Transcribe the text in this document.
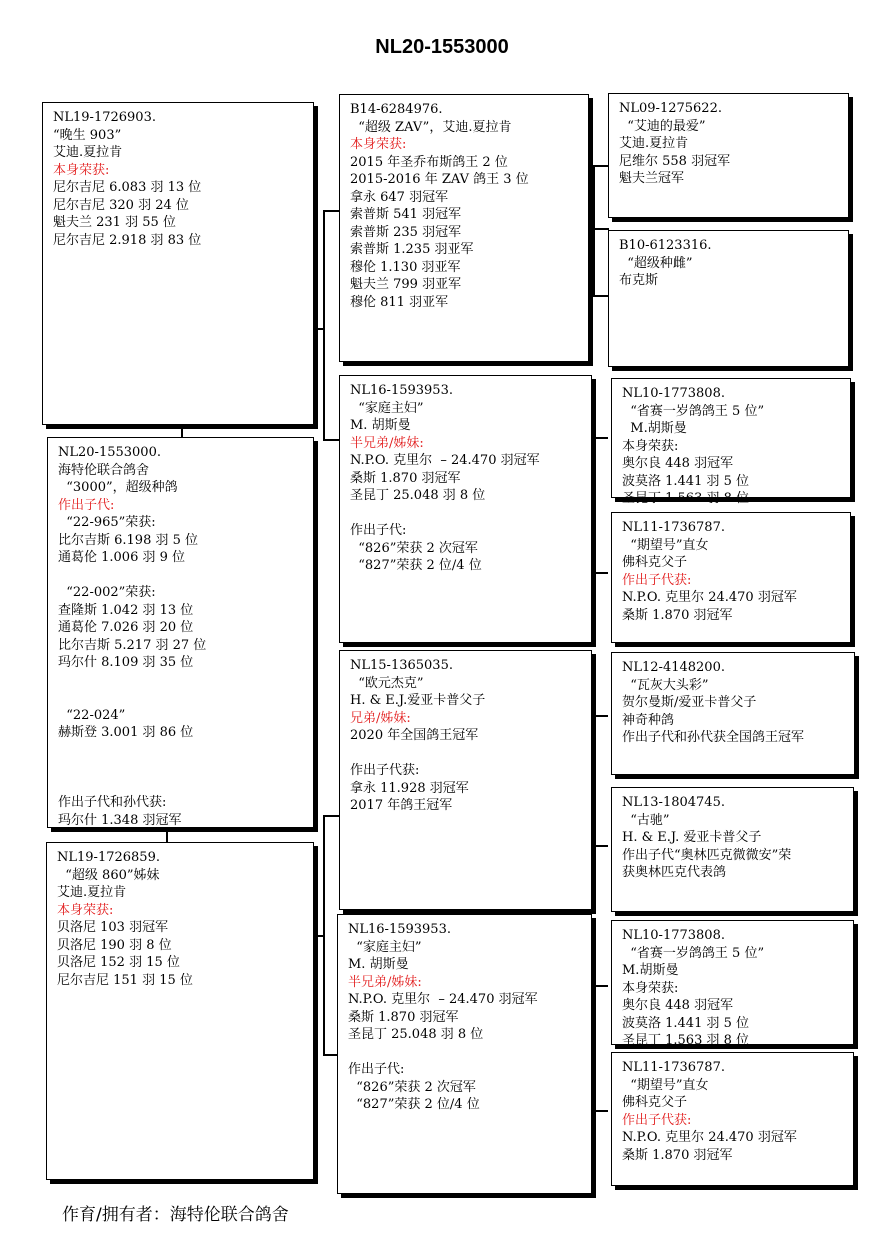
NL20-1553000
NL19-1726903.
“晚生 903”
艾迪.夏拉肯
本身荣获:
尼尔吉尼 6.083 羽 13 位
尼尔吉尼 320 羽 24 位
魁夫兰 231 羽 55 位
尼尔吉尼 2.918 羽 83 位
NL20-1553000.
海特伦联合鸽舍
“3000”，超级种鸽
作出子代:
“22-965”荣获:
比尔吉斯 6.198 羽 5 位
通葛伦 1.006 羽 9 位
“22-002”荣获:
查隆斯 1.042 羽 13 位
通葛伦 7.026 羽 20 位
比尔吉斯 5.217 羽 27 位
玛尔什 8.109 羽 35 位
“22-024”
赫斯登 3.001 羽 86 位
作出子代和孙代获:
玛尔什 1.348 羽冠军
NL19-1726859.
“超级 860”姊妹
艾迪.夏拉肯
本身荣获:
贝洛尼 103 羽冠军
贝洛尼 190 羽 8 位
贝洛尼 152 羽 15 位
尼尔吉尼 151 羽 15 位
B14-6284976.
“超级 ZAV”，艾迪.夏拉肯
本身荣获:
2015 年圣乔布斯鸽王 2 位
2015-2016 年 ZAV 鸽王 3 位
拿永 647 羽冠军
索普斯 541 羽冠军
索普斯 235 羽冠军
索普斯 1.235 羽亚军
穆伦 1.130 羽亚军
魁夫兰 799 羽亚军
穆伦 811 羽亚军
NL16-1593953.
“家庭主妇”
M. 胡斯曼
半兄弟/姊妹:
N.P.O. 克里尔  – 24.470 羽冠军
桑斯 1.870 羽冠军
圣昆丁 25.048 羽 8 位
作出子代:
“826”荣获 2 次冠军
“827”荣获 2 位/4 位
NL15-1365035.
“欧元杰克”
H. & E.J.爱亚卡普父子
兄弟/姊妹:
2020 年全国鸽王冠军
作出子代获:
拿永 11.928 羽冠军
2017 年鸽王冠军
NL16-1593953.
“家庭主妇”
M. 胡斯曼
半兄弟/姊妹:
N.P.O. 克里尔  – 24.470 羽冠军
桑斯 1.870 羽冠军
圣昆丁 25.048 羽 8 位
作出子代:
“826”荣获 2 次冠军
“827”荣获 2 位/4 位
NL09-1275622.
“艾迪的最爱”
艾迪.夏拉肯
尼维尔 558 羽冠军
魁夫兰冠军
B10-6123316.
“超级种雌”
布克斯
NL10-1773808.
“省赛一岁鸽鸽王 5 位”
M.胡斯曼
本身荣获:
奥尔良 448 羽冠军
波莫洛 1.441 羽 5 位
圣昆丁 1.563 羽 8 位
NL11-1736787.
“期望号”直女
佛科克父子
作出子代获:
N.P.O. 克里尔 24.470 羽冠军
桑斯 1.870 羽冠军
NL12-4148200.
“瓦灰大头彩”
贺尔曼斯/爱亚卡普父子
神奇种鸽
作出子代和孙代获全国鸽王冠军
NL13-1804745.
“古驰”
H. & E.J. 爱亚卡普父子
作出子代“奥林匹克微微安”荣
获奥林匹克代表鸽
NL10-1773808.
“省赛一岁鸽鸽王 5 位”
M.胡斯曼
本身荣获:
奥尔良 448 羽冠军
波莫洛 1.441 羽 5 位
圣昆丁 1.563 羽 8 位
NL11-1736787.
“期望号”直女
佛科克父子
作出子代获:
N.P.O. 克里尔 24.470 羽冠军
桑斯 1.870 羽冠军
作育/拥有者：海特伦联合鸽舍
